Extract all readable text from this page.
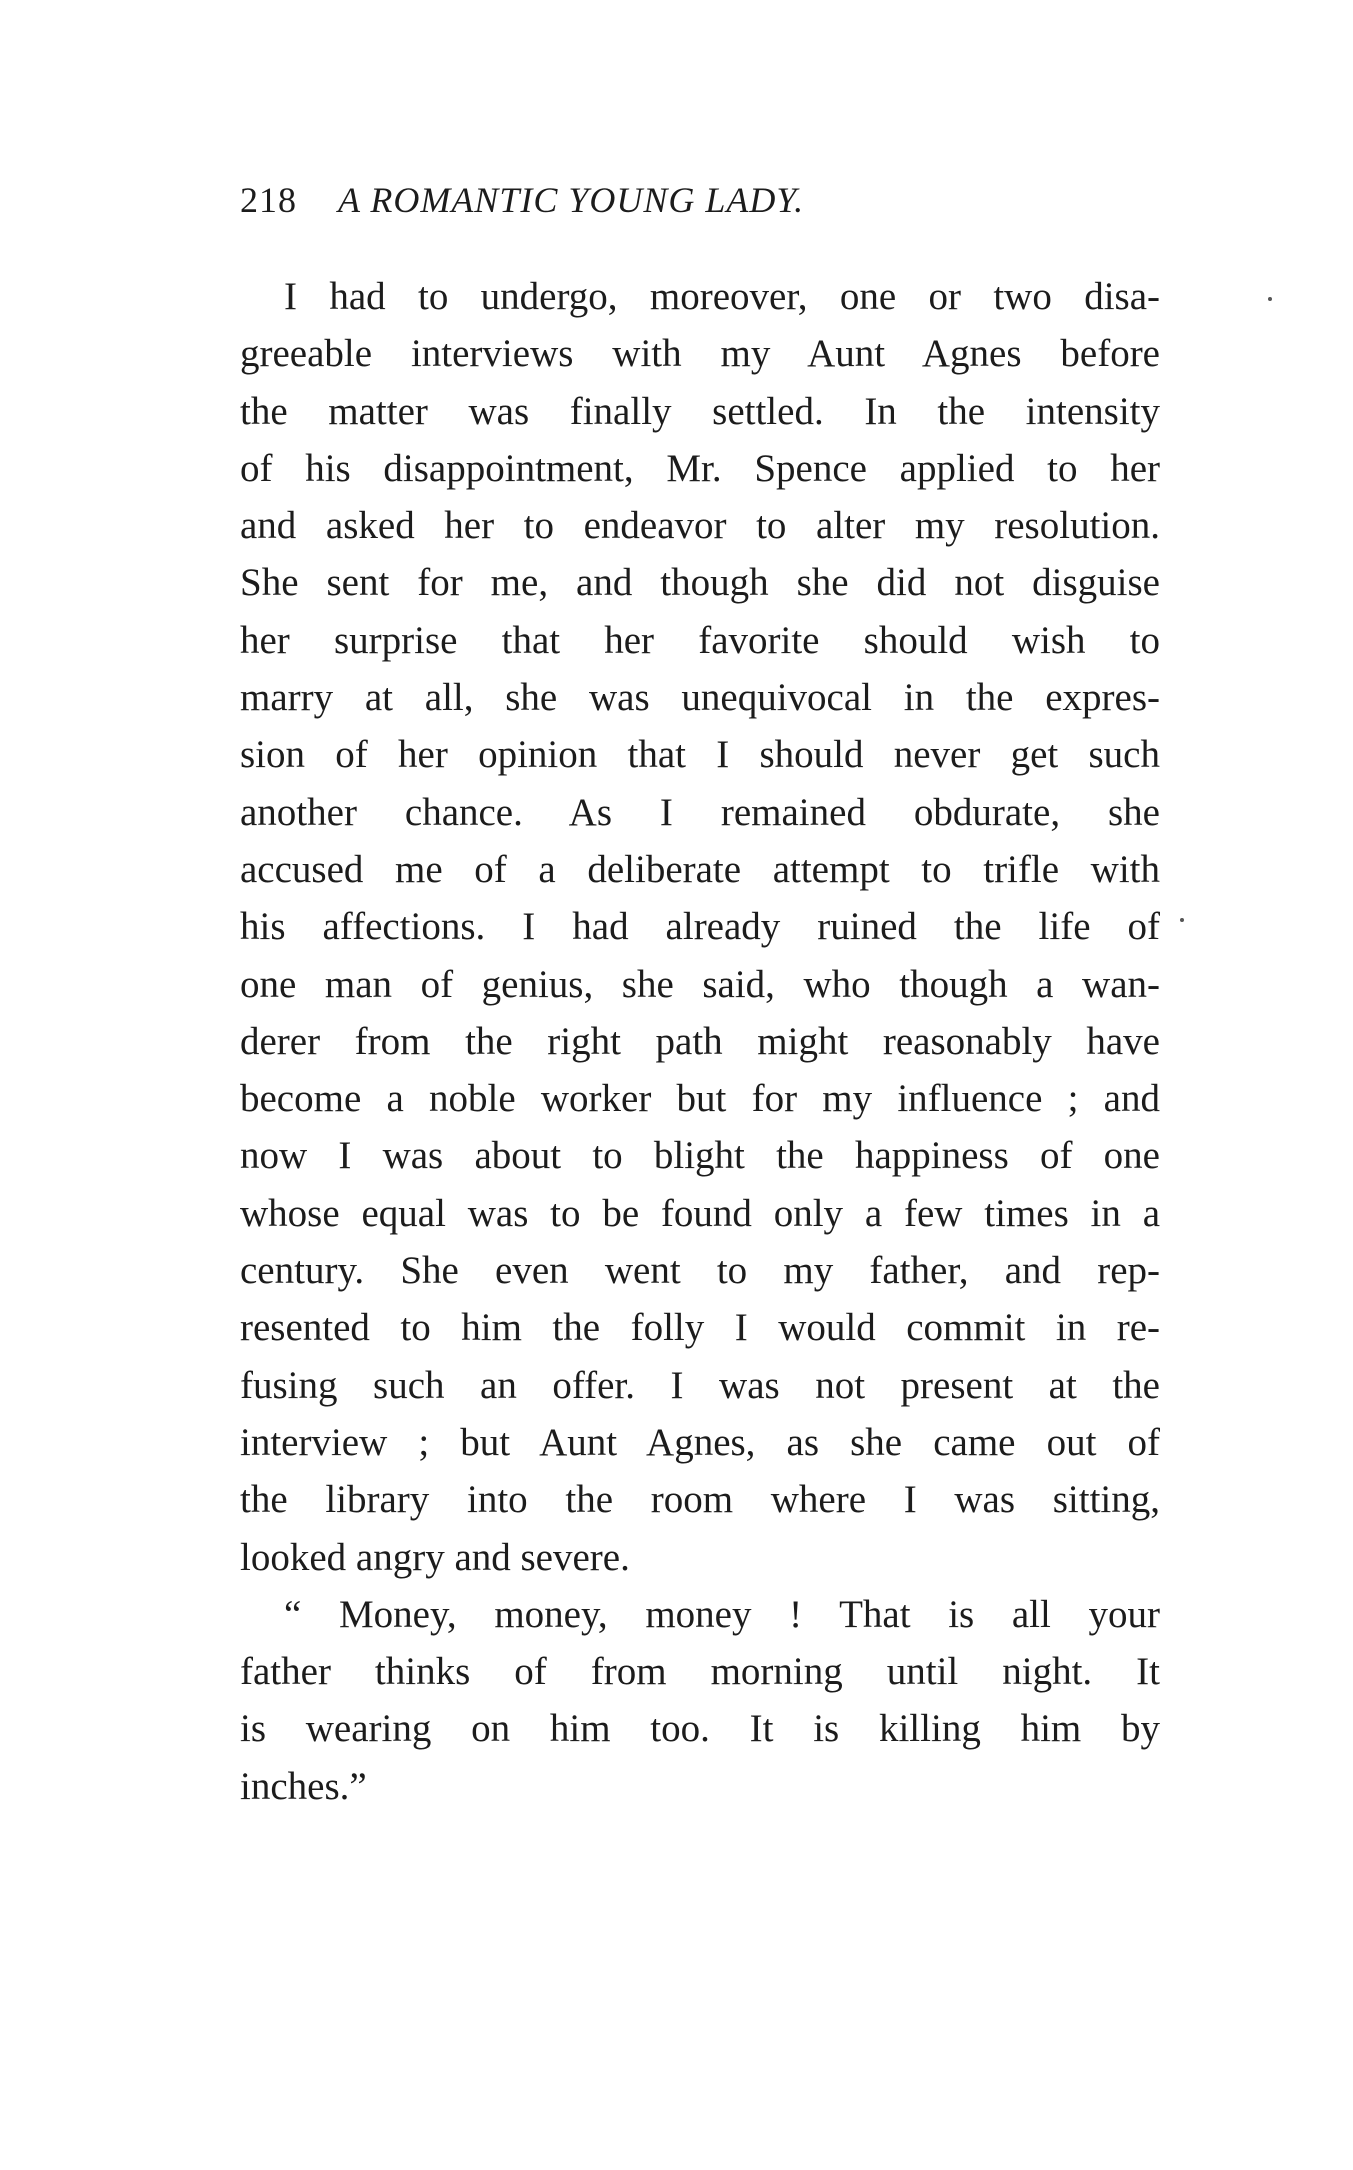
218 A ROMANTIC YOUNG LADY.

I had to undergo, moreover, one or two disa-
greeable interviews with my Aunt Agnes before
the matter was finally settled. In the intensity
of his disappointment, Mr. Spence applied to her
and asked her to endeavor to alter my resolution.
She sent for me, and though she did not disguise
her surprise that her favorite should wish to
marry at all, she was unequivocal in the expres-
sion of her opinion that I should never get such
another chance. As I remained obdurate, she
accused me of a deliberate attempt to trifle with
his affections. I had already ruined the life of
one man of genius, she said, who though a wan-
derer from the right path might reasonably have
become a noble worker but for my influence ; and
now I was about to blight the happiness of one
whose equal was to be found only a few times in a
century. She even went to my father, and rep-
resented to him the folly I would commit in re-
fusing such an offer. I was not present at the
interview ; but Aunt Agnes, as she came out of
the library into the room where I was sitting,
looked angry and severe.

“ Money, money, money ! That is all your
father thinks of from morning until night. It
is wearing on him too. It is killing him by
inches.”
